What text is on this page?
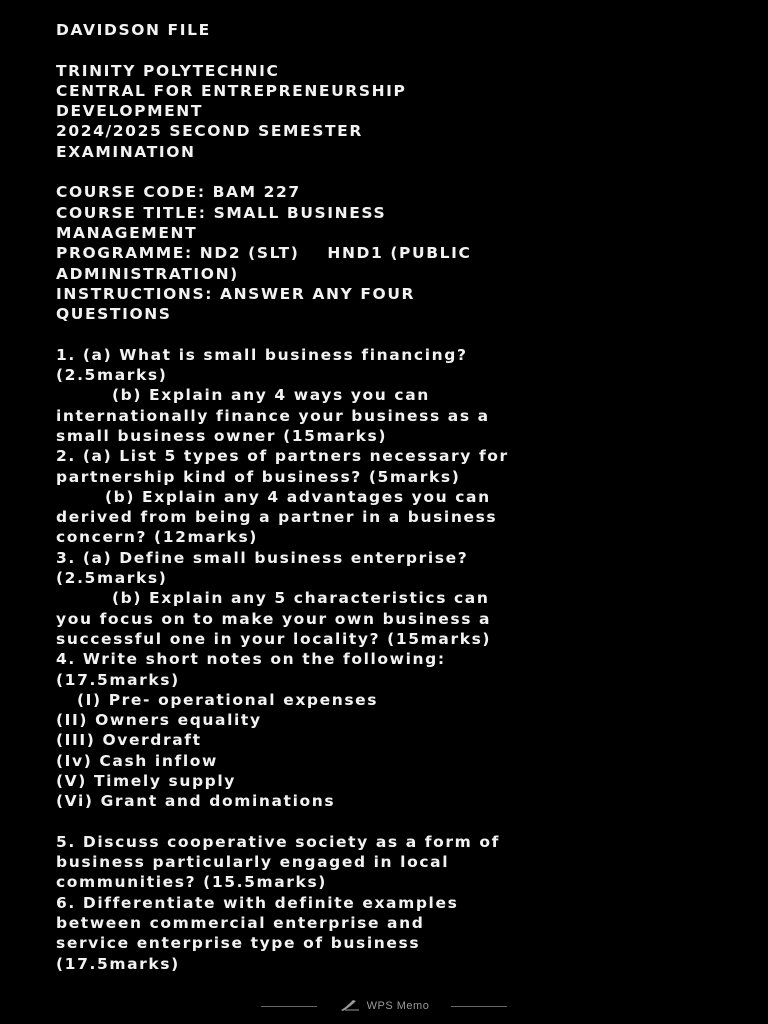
DAVIDSON FILE
TRINITY POLYTECHNIC
CENTRAL FOR ENTREPRENEURSHIP
DEVELOPMENT
2024/2025 SECOND SEMESTER
EXAMINATION
COURSE CODE: BAM 227
COURSE TITLE: SMALL BUSINESS
MANAGEMENT
PROGRAMME: ND2 (SLT)    HND1 (PUBLIC
ADMINISTRATION)
INSTRUCTIONS: ANSWER ANY FOUR
QUESTIONS
1. (a) What is small business financing?
(2.5marks)
(b) Explain any 4 ways you can
internationally finance your business as a
small business owner (15marks)
2. (a) List 5 types of partners necessary for
partnership kind of business? (5marks)
(b) Explain any 4 advantages you can
derived from being a partner in a business
concern? (12marks)
3. (a) Define small business enterprise?
(2.5marks)
(b) Explain any 5 characteristics can
you focus on to make your own business a
successful one in your locality? (15marks)
4. Write short notes on the following:
(17.5marks)
(I) Pre- operational expenses
(II) Owners equality
(III) Overdraft
(Iv) Cash inflow
(V) Timely supply
(Vi) Grant and dominations
5. Discuss cooperative society as a form of
business particularly engaged in local
communities? (15.5marks)
6. Differentiate with definite examples
between commercial enterprise and
service enterprise type of business
(17.5marks)
WPS Memo
